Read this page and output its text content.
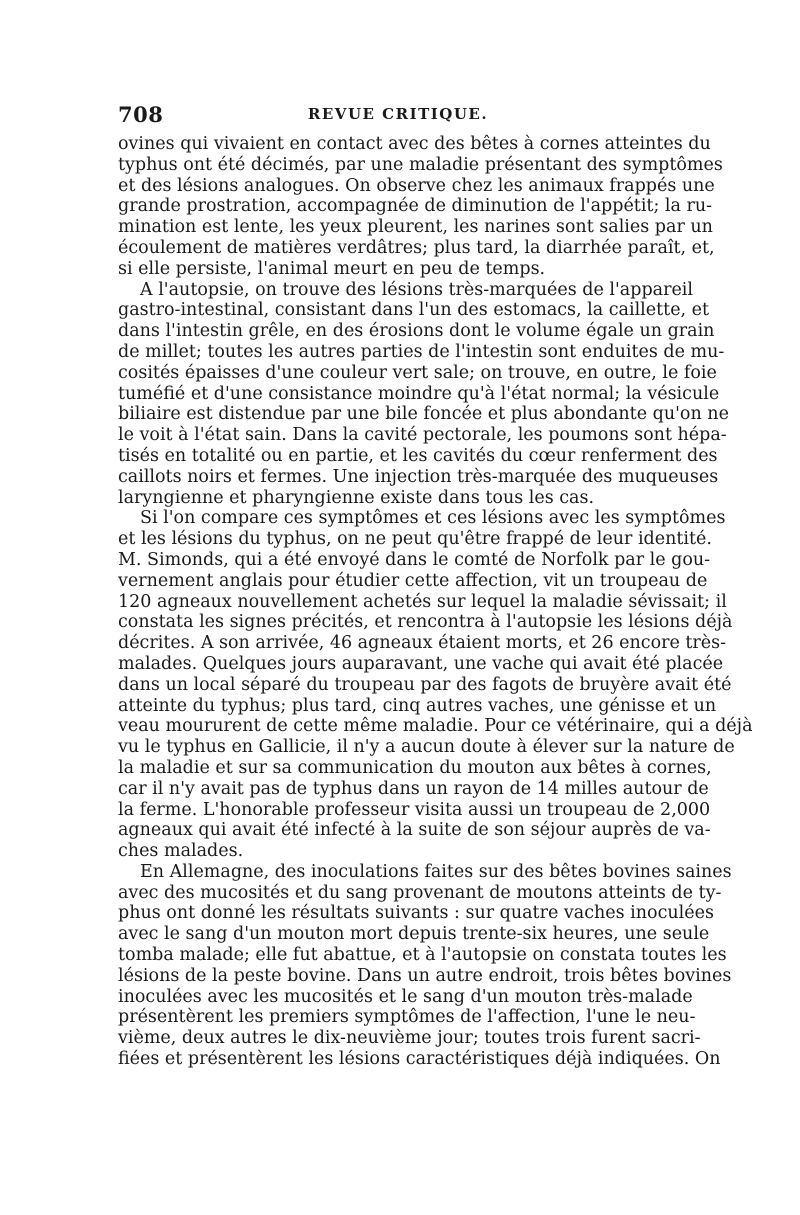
708	REVUE CRITIQUE.
ovines qui vivaient en contact avec des bêtes à cornes atteintes du
typhus ont été décimés, par une maladie présentant des symptômes
et des lésions analogues. On observe chez les animaux frappés une
grande prostration, accompagnée de diminution de l'appétit; la ru-
mination est lente, les yeux pleurent, les narines sont salies par un
écoulement de matières verdâtres; plus tard, la diarrhée paraît, et,
si elle persiste, l'animal meurt en peu de temps.
A l'autopsie, on trouve des lésions très-marquées de l'appareil
gastro-intestinal, consistant dans l'un des estomacs, la caillette, et
dans l'intestin grêle, en des érosions dont le volume égale un grain
de millet; toutes les autres parties de l'intestin sont enduites de mu-
cosités épaisses d'une couleur vert sale; on trouve, en outre, le foie
tuméfié et d'une consistance moindre qu'à l'état normal; la vésicule
biliaire est distendue par une bile foncée et plus abondante qu'on ne
le voit à l'état sain. Dans la cavité pectorale, les poumons sont hépa-
tisés en totalité ou en partie, et les cavités du cœur renferment des
caillots noirs et fermes. Une injection très-marquée des muqueuses
laryngienne et pharyngienne existe dans tous les cas.
Si l'on compare ces symptômes et ces lésions avec les symptômes
et les lésions du typhus, on ne peut qu'être frappé de leur identité.
M. Simonds, qui a été envoyé dans le comté de Norfolk par le gou-
vernement anglais pour étudier cette affection, vit un troupeau de
120 agneaux nouvellement achetés sur lequel la maladie sévissait; il
constata les signes précités, et rencontra à l'autopsie les lésions déjà
décrites. A son arrivée, 46 agneaux étaient morts, et 26 encore très-
malades. Quelques jours auparavant, une vache qui avait été placée
dans un local séparé du troupeau par des fagots de bruyère avait été
atteinte du typhus; plus tard, cinq autres vaches, une génisse et un
veau moururent de cette même maladie. Pour ce vétérinaire, qui a déjà
vu le typhus en Gallicie, il n'y a aucun doute à élever sur la nature de
la maladie et sur sa communication du mouton aux bêtes à cornes,
car il n'y avait pas de typhus dans un rayon de 14 milles autour de
la ferme. L'honorable professeur visita aussi un troupeau de 2,000
agneaux qui avait été infecté à la suite de son séjour auprès de va-
ches malades.
En Allemagne, des inoculations faites sur des bêtes bovines saines
avec des mucosités et du sang provenant de moutons atteints de ty-
phus ont donné les résultats suivants : sur quatre vaches inoculées
avec le sang d'un mouton mort depuis trente-six heures, une seule
tomba malade; elle fut abattue, et à l'autopsie on constata toutes les
lésions de la peste bovine. Dans un autre endroit, trois bêtes bovines
inoculées avec les mucosités et le sang d'un mouton très-malade
présentèrent les premiers symptômes de l'affection, l'une le neu-
vième, deux autres le dix-neuvième jour; toutes trois furent sacri-
fiées et présentèrent les lésions caractéristiques déjà indiquées. On
